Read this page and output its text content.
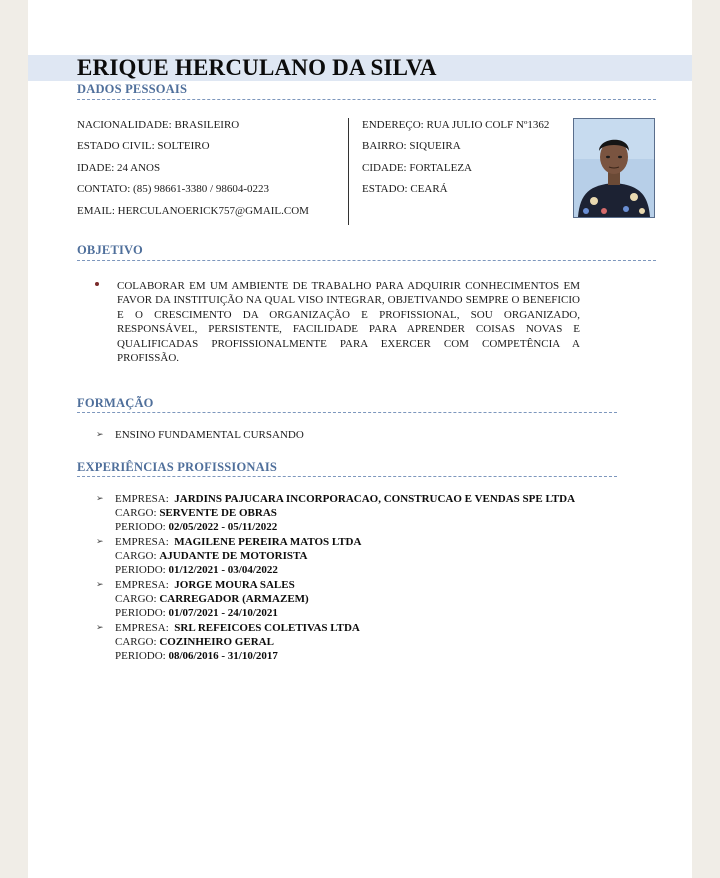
ERIQUE HERCULANO DA SILVA
DADOS PESSOAIS
NACIONALIDADE: BRASILEIRO
ESTADO CIVIL: SOLTEIRO
IDADE: 24 ANOS
CONTATO: (85) 98661-3380 / 98604-0223
EMAIL: HERCULANOERICK757@GMAIL.COM
ENDEREÇO: RUA JULIO COLF Nº1362
BAIRRO: SIQUEIRA
CIDADE: FORTALEZA
ESTADO: CEARÁ
OBJETIVO
COLABORAR EM UM AMBIENTE DE TRABALHO PARA ADQUIRIR CONHECIMENTOS EM FAVOR DA INSTITUIÇÃO NA QUAL VISO INTEGRAR, OBJETIVANDO SEMPRE O BENEFICIO E O CRESCIMENTO DA ORGANIZAÇÃO E PROFISSIONAL, SOU ORGANIZADO, RESPONSÁVEL, PERSISTENTE, FACILIDADE PARA APRENDER COISAS NOVAS E QUALIFICADAS PROFISSIONALMENTE PARA EXERCER COM COMPETÊNCIA A PROFISSÃO.
FORMAÇÃO
➢ ENSINO FUNDAMENTAL CURSANDO
EXPERIÊNCIAS PROFISSIONAIS
➢ EMPRESA: JARDINS PAJUCARA INCORPORACAO, CONSTRUCAO E VENDAS SPE LTDA
CARGO: SERVENTE DE OBRAS
PERIODO: 02/05/2022 - 05/11/2022
➢ EMPRESA: MAGILENE PEREIRA MATOS LTDA
CARGO: AJUDANTE DE MOTORISTA
PERIODO: 01/12/2021 - 03/04/2022
➢ EMPRESA: JORGE MOURA SALES
CARGO: CARREGADOR (ARMAZEM)
PERIODO: 01/07/2021 - 24/10/2021
➢ EMPRESA: SRL REFEICOES COLETIVAS LTDA
CARGO: COZINHEIRO GERAL
PERIODO: 08/06/2016 - 31/10/2017
